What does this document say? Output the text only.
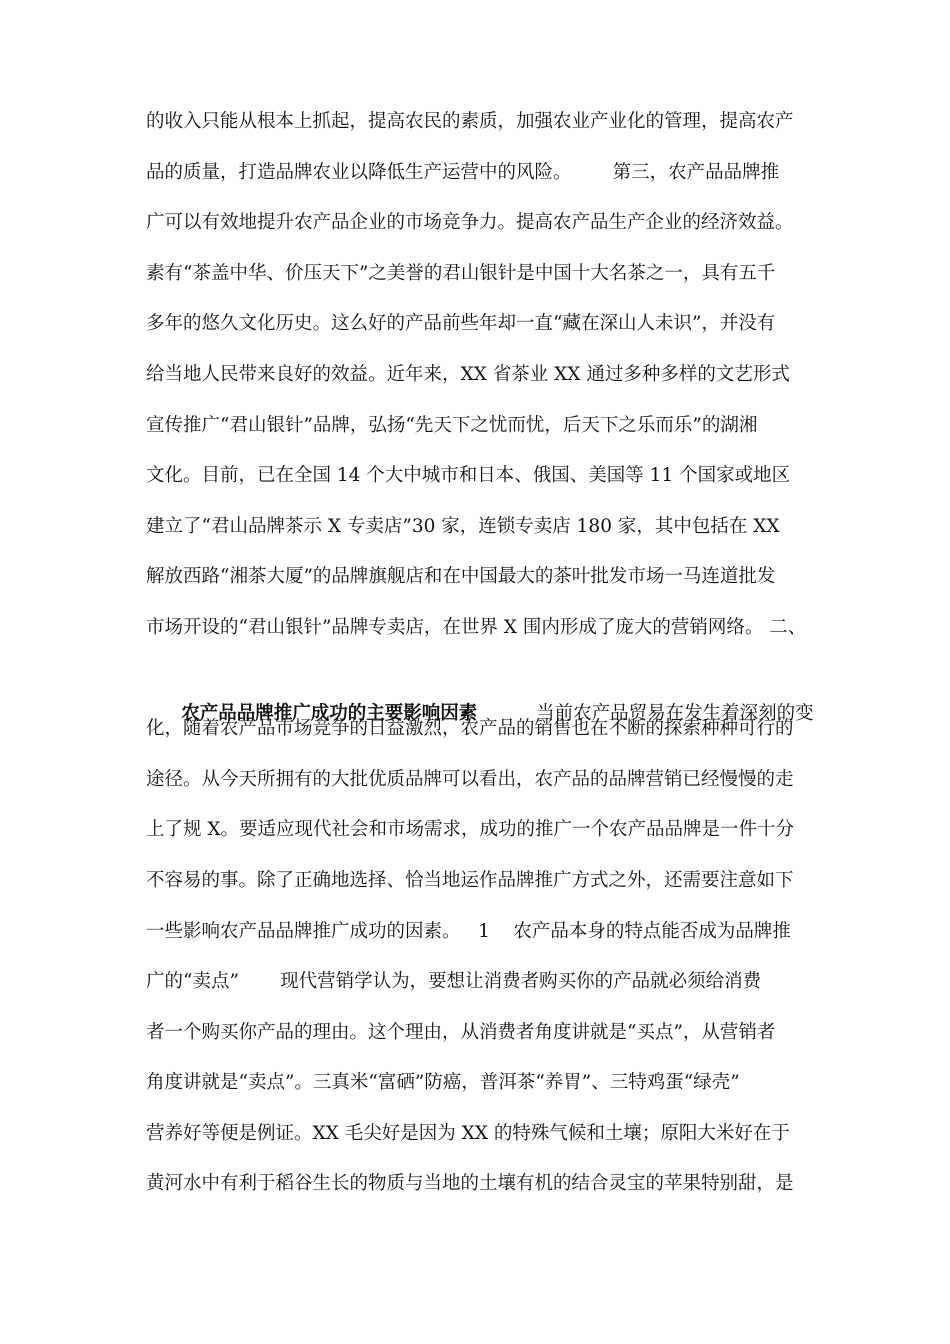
的收入只能从根本上抓起，提高农民的素质，加强农业产业化的管理，提高农产
品的质量，打造品牌农业以降低生产运营中的风险。       第三，农产品品牌推
广可以有效地提升农产品企业的市场竞争力。提高农产品生产企业的经济效益。
素有“茶盖中华、价压天下”之美誉的君山银针是中国十大名茶之一，具有五千
多年的悠久文化历史。这么好的产品前些年却一直“藏在深山人未识”，并没有
给当地人民带来良好的效益。近年来，XX 省茶业 XX 通过多种多样的文艺形式
宣传推广“君山银针”品牌，弘扬“先天下之忧而忧，后天下之乐而乐”的湖湘
文化。目前，已在全国 14 个大中城市和日本、俄国、美国等 11 个国家或地区
建立了“君山品牌茶示 X 专卖店”30 家，连锁专卖店 180 家，其中包括在 XX
解放西路“湘茶大厦”的品牌旗舰店和在中国最大的茶叶批发市场一马连道批发
市场开设的“君山银针”品牌专卖店，在世界 X 围内形成了庞大的营销网络。 二、

农产品品牌推广成功的主要影响因素          当前农产品贸易在发生着深刻的变

化，随着农产品市场竞争的日益激烈，农产品的销售也在不断的探索种种可行的
途径。从今天所拥有的大批优质品牌可以看出，农产品的品牌营销已经慢慢的走
上了规 X。要适应现代社会和市场需求，成功的推广一个农产品品牌是一件十分
不容易的事。除了正确地选择、恰当地运作品牌推广方式之外，还需要注意如下
一些影响农产品品牌推广成功的因素。   1    农产品本身的特点能否成为品牌推
广的“卖点”       现代营销学认为，要想让消费者购买你的产品就必须给消费
者一个购买你产品的理由。这个理由，从消费者角度讲就是“买点”，从营销者
角度讲就是“卖点”。三真米“富硒”防癌，普洱茶“养胃”、三特鸡蛋“绿壳”
营养好等便是例证。XX 毛尖好是因为 XX 的特殊气候和土壤；原阳大米好在于
黄河水中有利于稻谷生长的物质与当地的土壤有机的结合灵宝的苹果特别甜，是
